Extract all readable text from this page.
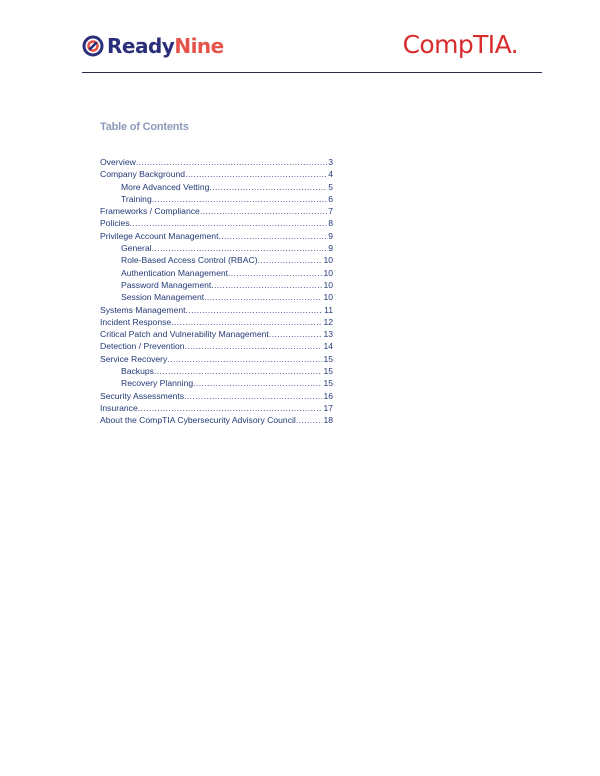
ReadyNine	CompTIA.
Table of Contents
Overview .....	3
Company Background .....	4
More Advanced Vetting .....	5
Training .....	6
Frameworks / Compliance .....	7
Policies .....	8
Privilege Account Management .....	9
General .....	9
Role-Based Access Control (RBAC) .....	10
Authentication Management .....	10
Password Management .....	10
Session Management .....	10
Systems Management .....	11
Incident Response .....	12
Critical Patch and Vulnerability Management .....	13
Detection / Prevention .....	14
Service Recovery .....	15
Backups .....	15
Recovery Planning .....	15
Security Assessments .....	16
Insurance .....	17
About the CompTIA Cybersecurity Advisory Council .....	18
